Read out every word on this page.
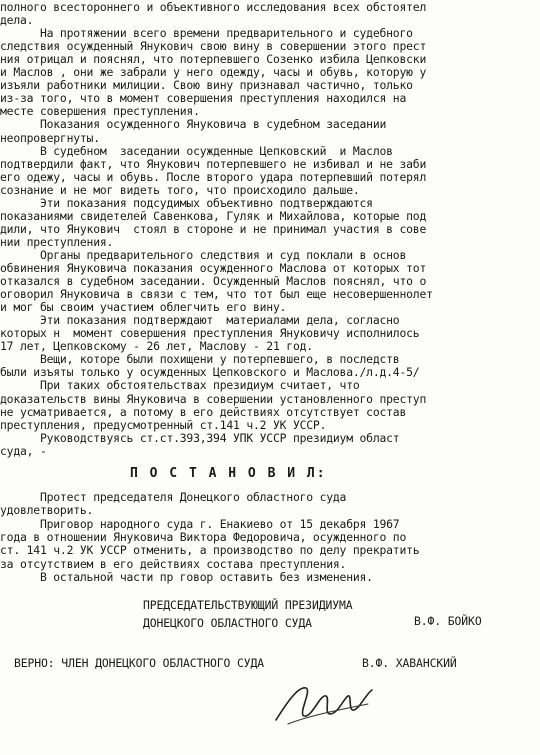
полного всестороннего и объективного исследования всех обстоятел
дела.
На протяжении всего времени предварительного и судебного
следствия осужденный Янукович свою вину в совершении этого прест
ния отрицал и пояснял, что потерпевшего Созенко избила Цепковски
и Маслов , они же забрали у него одежду, часы и обувь, которую у
изъяли работники милиции. Свою вину признавал частично, только
из-за того, что в момент совершения преступления находился на
месте совершения преступления.
Показания осужденного Януковича в судебном заседании
неопровергнуты.
В судебном  заседании осужденные Цепковский  и Маслов
подтвердили факт, что Янукович потерпевшего не избивал и не заби
его одежу, часы и обувь. После второго удара потерпевший потерял
сознание и не мог видеть того, что происходило дальше.
Эти показания подсудимых объективно подтверждаются
показаниями свидетелей Савенкова, Гуляк и Михайлова, которые под
дили, что Янукович  стоял в стороне и не принимал участия в сове
нии преступления.
Органы предварительного следствия и суд поклали в основ
обвинения Януковича показания осужденного Маслова от которых тот
отказался в судебном заседании. Осужденный Маслов пояснял, что о
оговорил Януковича в связи с тем, что тот был еще несовершеннолет
и мог бы своим участием облегчить его вину.
Эти показания подтверждают  материалами дела, согласно
которых н  момент совершения преступления Януковичу исполнилось
17 лет, Цепковскому - 26 лет, Маслову - 21 год.
Вещи, которе были похищени у потерпевшего, в последств
были изъяты только у осужденных Цепковского и Маслова./л.д.4-5/
При таких обстоятельствах президиум считает, что
доказательств вины Януковича в совершении установленного преступ
не усматривается, а потому в его действиях отсутствует состав
преступления, предусмотренный ст.141 ч.2 УК УССР.
Руководствуясь ст.ст.393,394 УПК УССР президиум област
суда, -
П О С Т А Н О В И Л:
Протест председателя Донецкого областного суда
удовлетворить.
Приговор народного суда г. Енакиево от 15 декабря 1967
года в отношении Януковича Виктора Федоровича, осужденного по
ст. 141 ч.2 УК УССР отменить, а производство по делу прекратить
за отсутствием в его действиях состава преступления.
В остальной части пр говор оставить без изменения.
ПРЕДСЕДАТЕЛЬСТВУЮЩИЙ ПРЕЗИДИУМА
ДОНЕЦКОГО ОБЛАСТНОГО СУДА	В.Ф. БОЙКО
ВЕРНО: ЧЛЕН ДОНЕЦКОГО ОБЛАСТНОГО СУДА	В.Ф. ХАВАНСКИЙ
